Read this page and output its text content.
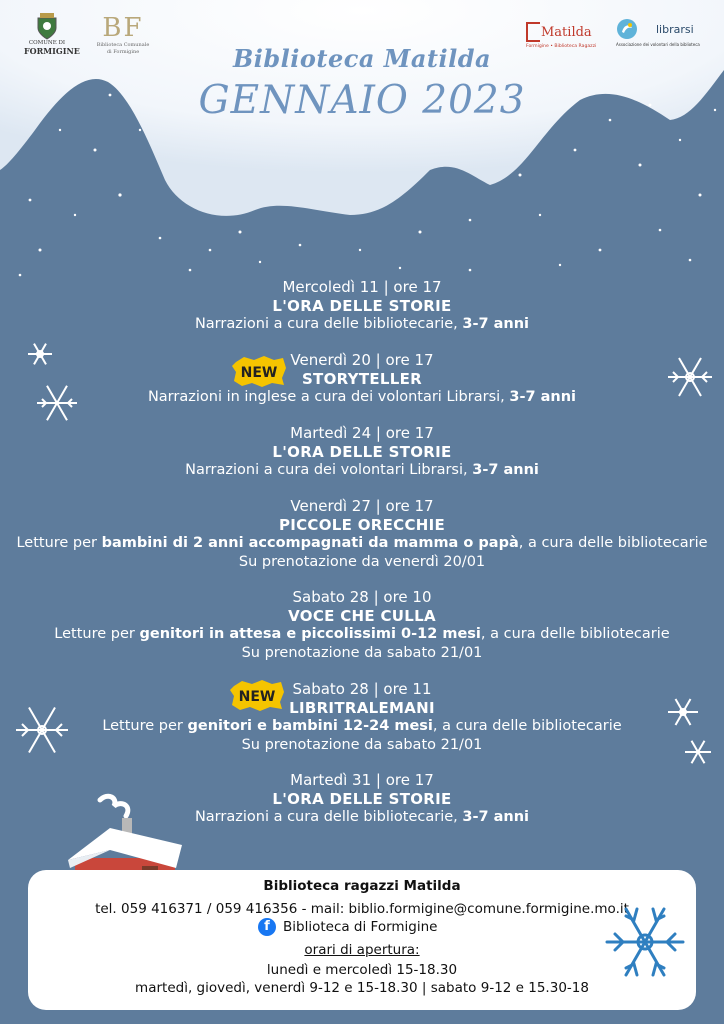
COMUNE DI
FORMIGINE
BF
Biblioteca Comunale
di Formigine
Matilda
Formigine • Biblioteca Ragazzi
librarsi
Associazione dei volontari della biblioteca
Biblioteca Matilda
GENNAIO 2023
NEW
NEW
Mercoledì 11 | ore 17
L'ORA DELLE STORIE
Narrazioni a cura delle bibliotecarie, 3-7 anni
Venerdì 20 | ore 17
STORYTELLER
Narrazioni in inglese a cura dei volontari Librarsi, 3-7 anni
Martedì 24 | ore 17
L'ORA DELLE STORIE
Narrazioni a cura dei volontari Librarsi, 3-7 anni
Venerdì 27 | ore 17
PICCOLE ORECCHIE
Letture per bambini di 2 anni accompagnati da mamma o papà, a cura delle bibliotecarie
Su prenotazione da venerdì 20/01
Sabato 28 | ore 10
VOCE CHE CULLA
Letture per genitori in attesa e piccolissimi 0-12 mesi, a cura delle bibliotecarie
Su prenotazione da sabato 21/01
Sabato 28 | ore 11
LIBRITRALEMANI
Letture per genitori e bambini 12-24 mesi, a cura delle bibliotecarie
Su prenotazione da sabato 21/01
Martedì 31 | ore 17
L'ORA DELLE STORIE
Narrazioni a cura delle bibliotecarie, 3-7 anni
Biblioteca ragazzi Matilda
tel. 059 416371 / 059 416356 - mail: biblio.formigine@comune.formigine.mo.it
f Biblioteca di Formigine
orari di apertura:
lunedì e mercoledì 15-18.30
martedì, giovedì, venerdì 9-12 e 15-18.30 | sabato 9-12 e 15.30-18
